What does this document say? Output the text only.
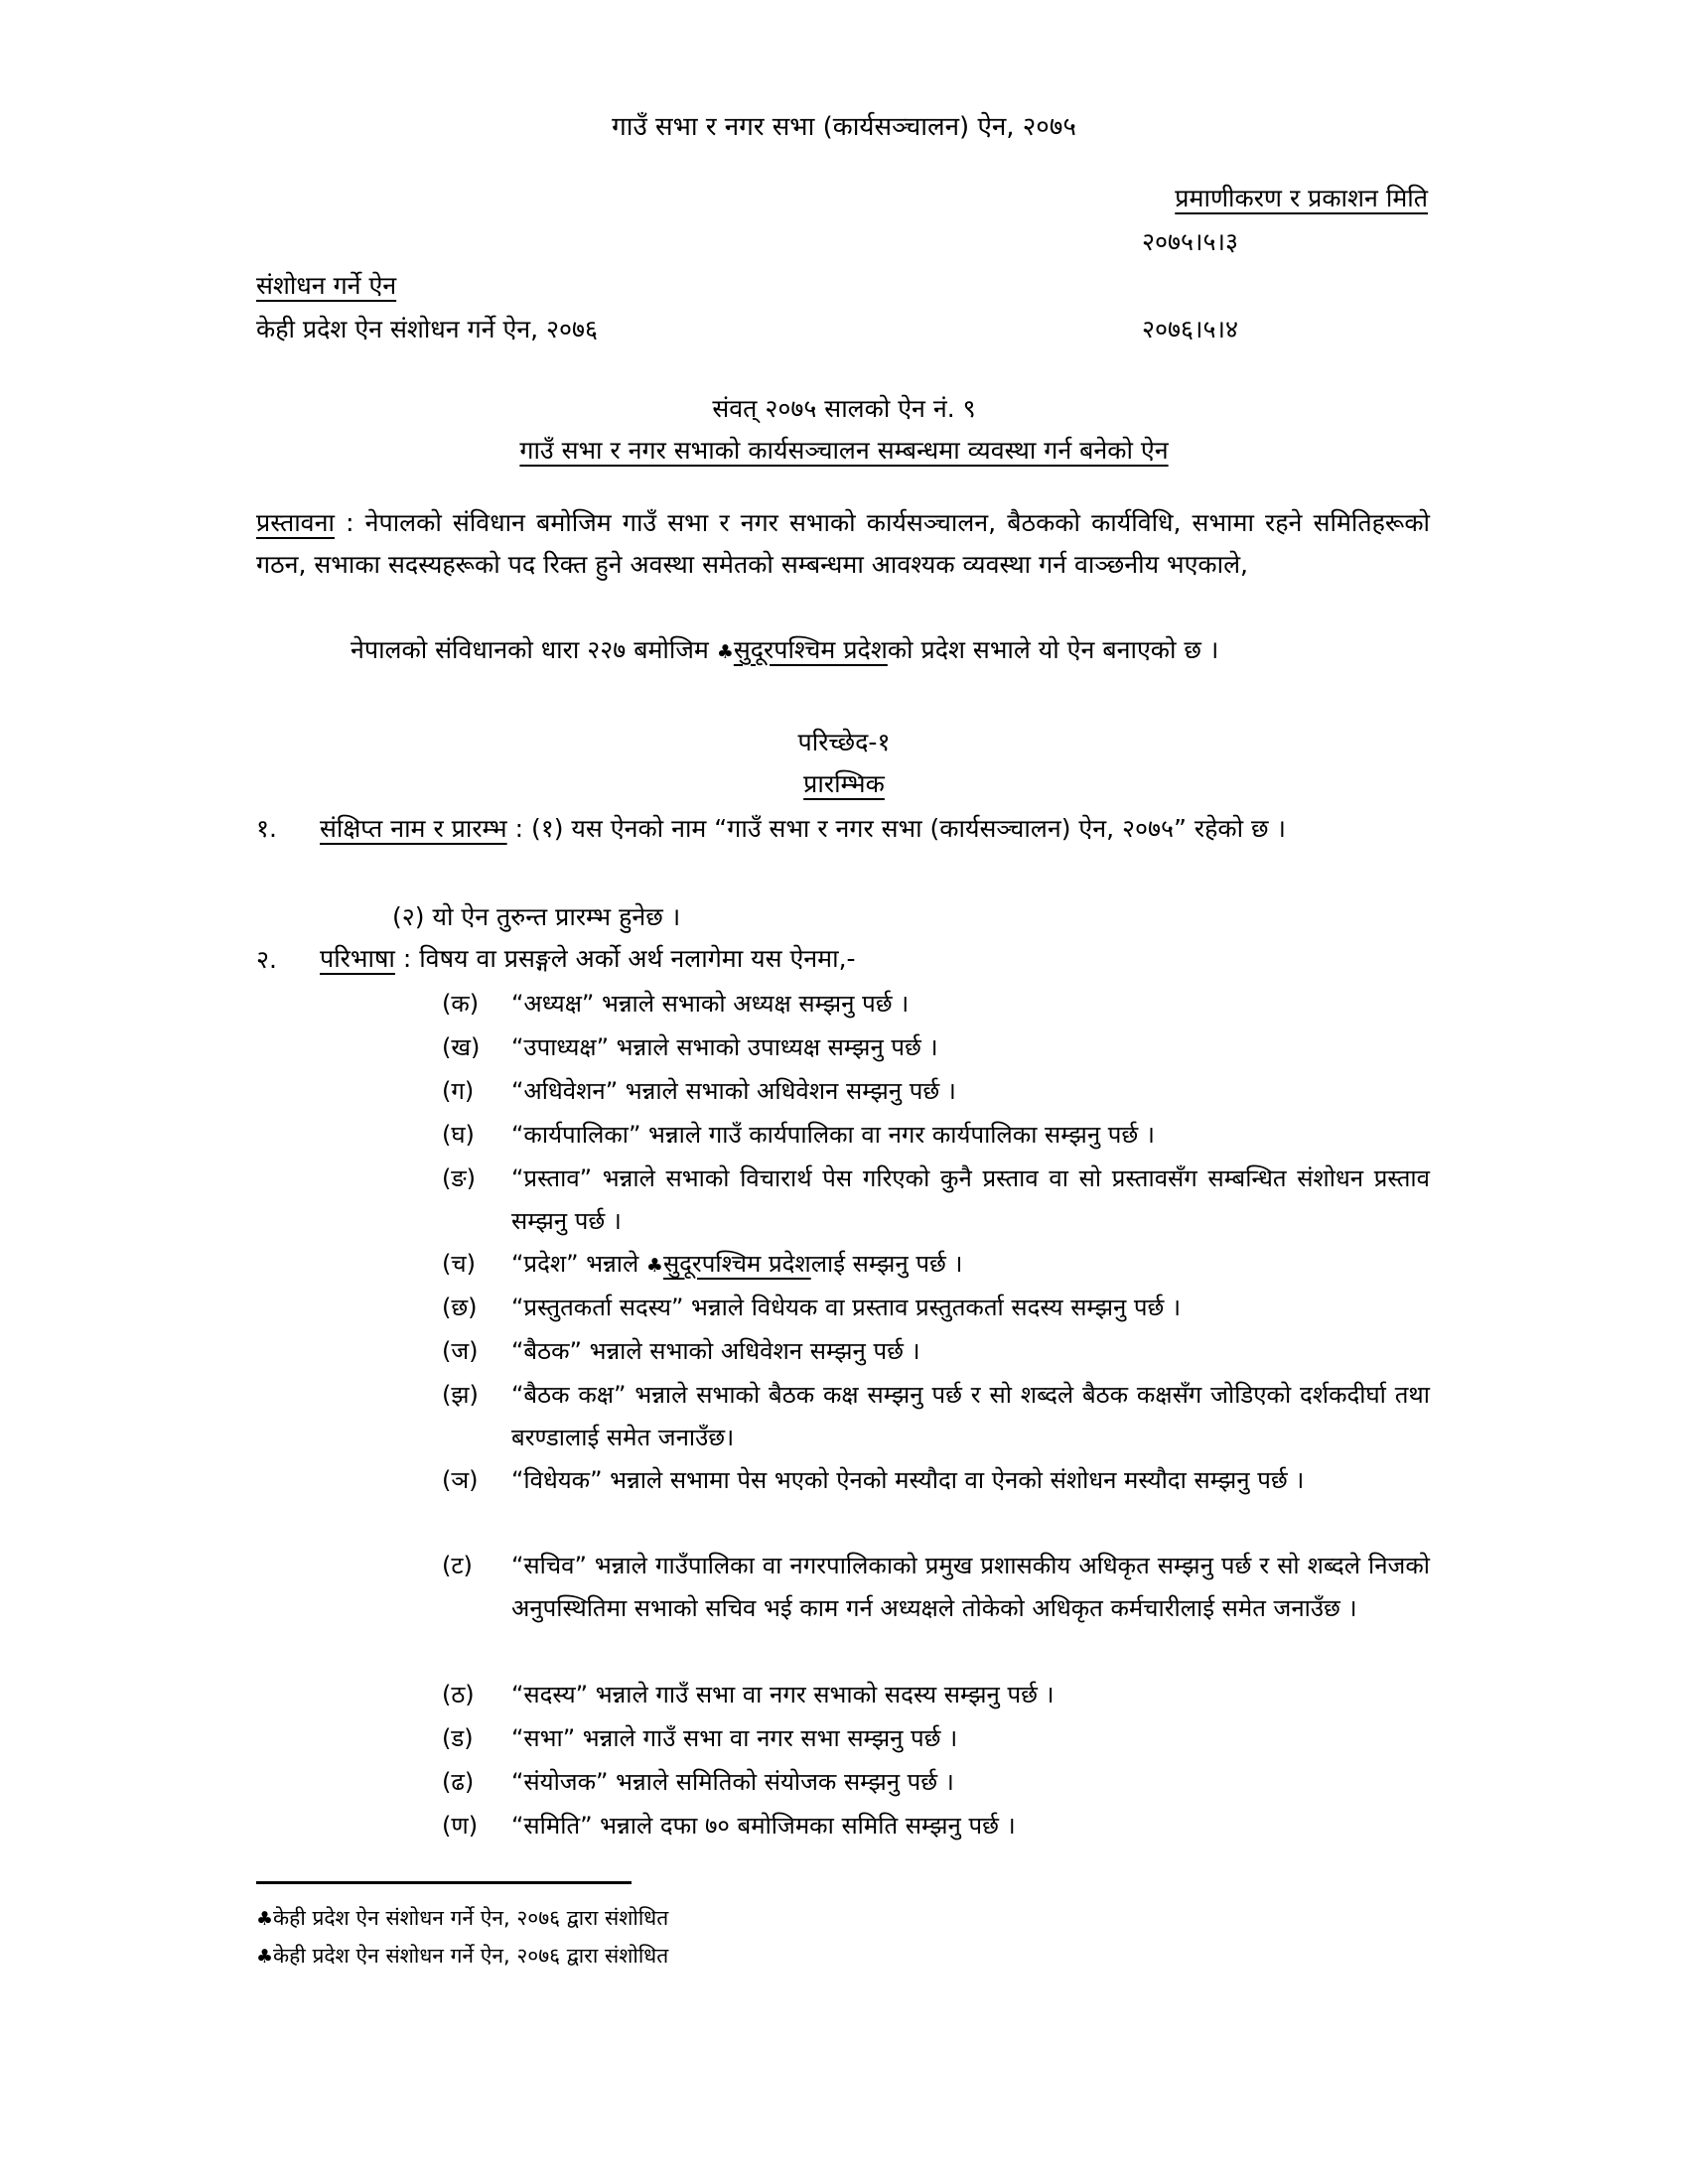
गाउँ सभा र नगर सभा (कार्यसञ्चालन) ऐन, २०७५
प्रमाणीकरण र प्रकाशन मिति
२०७५।५।३
संशोधन गर्ने ऐन
केही प्रदेश ऐन संशोधन गर्ने ऐन, २०७६	२०७६।५।४
संवत् २०७५ सालको ऐन नं. ९
गाउँ सभा र नगर सभाको कार्यसञ्चालन सम्बन्धमा व्यवस्था गर्न बनेको ऐन
प्रस्तावना : नेपालको संविधान बमोजिम गाउँ सभा र नगर सभाको कार्यसञ्चालन, बैठकको कार्यविधि, सभामा रहने समितिहरूको गठन, सभाका सदस्यहरूको पद रिक्त हुने अवस्था समेतको सम्बन्धमा आवश्यक व्यवस्था गर्न वाञ्छनीय भएकाले,
नेपालको संविधानको धारा २२७ बमोजिम ♣सुदूरपश्चिम प्रदेशको प्रदेश सभाले यो ऐन बनाएको छ ।
परिच्छेद-१
प्रारम्भिक
१. संक्षिप्त नाम र प्रारम्भ : (१) यस ऐनको नाम “गाउँ सभा र नगर सभा (कार्यसञ्चालन) ऐन, २०७५” रहेको छ ।
(२) यो ऐन तुरुन्त प्रारम्भ हुनेछ ।
२. परिभाषा : विषय वा प्रसङ्गले अर्को अर्थ नलागेमा यस ऐनमा,-
(क)	“अध्यक्ष” भन्नाले सभाको अध्यक्ष सम्झनु पर्छ ।
(ख)	“उपाध्यक्ष” भन्नाले सभाको उपाध्यक्ष सम्झनु पर्छ ।
(ग)	“अधिवेशन” भन्नाले सभाको अधिवेशन सम्झनु पर्छ ।
(घ)	“कार्यपालिका” भन्नाले गाउँ कार्यपालिका वा नगर कार्यपालिका सम्झनु पर्छ ।
(ङ)	“प्रस्ताव” भन्नाले सभाको विचारार्थ पेस गरिएको कुनै प्रस्ताव वा सो प्रस्तावसँग सम्बन्धित संशोधन प्रस्ताव सम्झनु पर्छ ।
(च)	“प्रदेश” भन्नाले ♣सुदूरपश्चिम प्रदेशलाई सम्झनु पर्छ ।
(छ)	“प्रस्तुतकर्ता सदस्य” भन्नाले विधेयक वा प्रस्ताव प्रस्तुतकर्ता सदस्य सम्झनु पर्छ ।
(ज)	“बैठक” भन्नाले सभाको अधिवेशन सम्झनु पर्छ ।
(झ)	“बैठक कक्ष” भन्नाले सभाको बैठक कक्ष सम्झनु पर्छ र सो शब्दले बैठक कक्षसँग जोडिएको दर्शकदीर्घा तथा बरण्डालाई समेत जनाउँछ।
(ञ)	“विधेयक” भन्नाले सभामा पेस भएको ऐनको मस्यौदा वा ऐनको संशोधन मस्यौदा सम्झनु पर्छ ।
(ट)	“सचिव” भन्नाले गाउँपालिका वा नगरपालिकाको प्रमुख प्रशासकीय अधिकृत सम्झनु पर्छ र सो शब्दले निजको अनुपस्थितिमा सभाको सचिव भई काम गर्न अध्यक्षले तोकेको अधिकृत कर्मचारीलाई समेत जनाउँछ ।
(ठ)	“सदस्य” भन्नाले गाउँ सभा वा नगर सभाको सदस्य सम्झनु पर्छ ।
(ड)	“सभा” भन्नाले गाउँ सभा वा नगर सभा सम्झनु पर्छ ।
(ढ)	“संयोजक” भन्नाले समितिको संयोजक सम्झनु पर्छ ।
(ण)	“समिति” भन्नाले दफा ७० बमोजिमका समिति सम्झनु पर्छ ।
♣केही प्रदेश ऐन संशोधन गर्ने ऐन, २०७६ द्वारा संशोधित
♣केही प्रदेश ऐन संशोधन गर्ने ऐन, २०७६ द्वारा संशोधित
